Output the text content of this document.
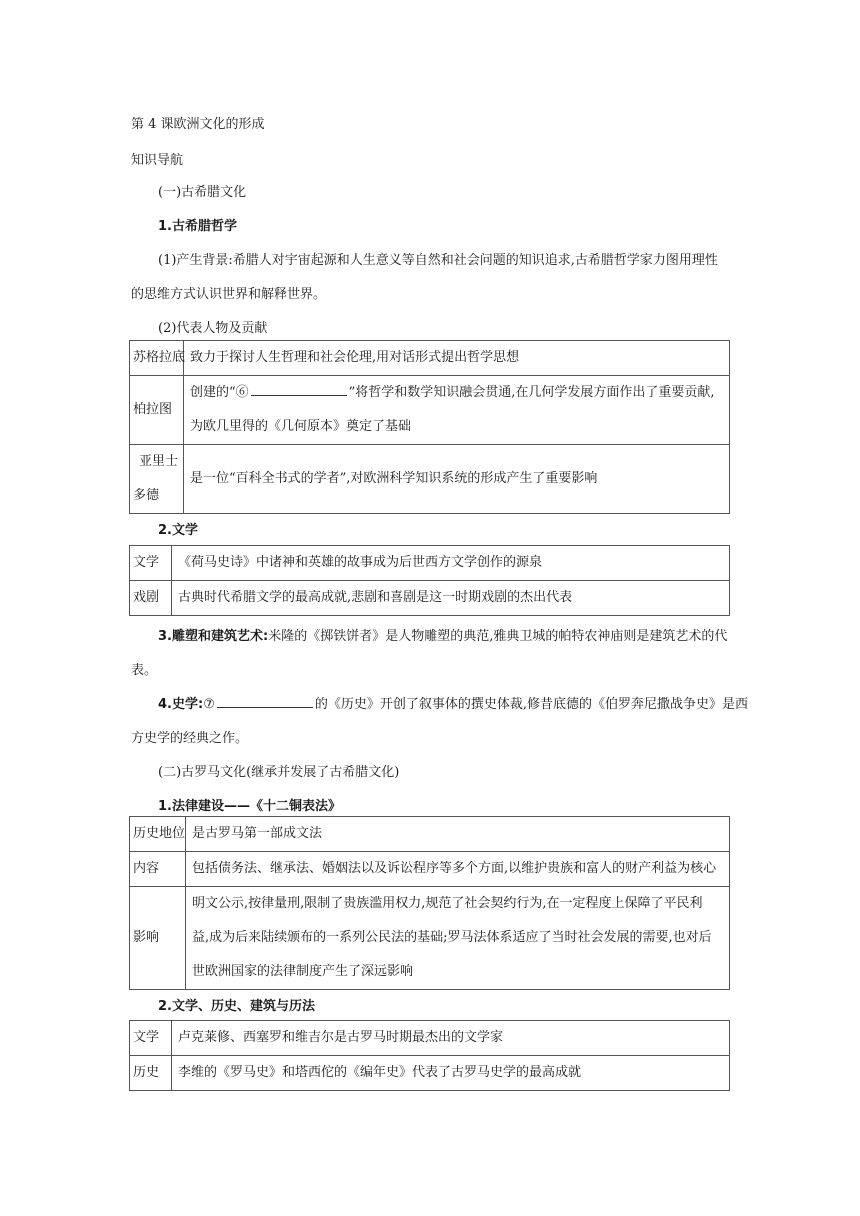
第 4 课欧洲文化的形成
知识导航
(一)古希腊文化
1.古希腊哲学
(1)产生背景:希腊人对宇宙起源和人生意义等自然和社会问题的知识追求,古希腊哲学家力图用理性
的思维方式认识世界和解释世界。
(2)代表人物及贡献
苏格拉底	致力于探讨人生哲理和社会伦理,用对话形式提出哲学思想
柏拉图	创建的“⑥ ”将哲学和数学知识融会贯通,在几何学发展方面作出了重要贡献,
为欧几里得的《几何原本》奠定了基础

亚里士
多德	是一位“百科全书式的学者”,对欧洲科学知识系统的形成产生了重要影响
2.文学
文学	《荷马史诗》中诸神和英雄的故事成为后世西方文学创作的源泉
戏剧	古典时代希腊文学的最高成就,悲剧和喜剧是这一时期戏剧的杰出代表
3.雕塑和建筑艺术:米隆的《掷铁饼者》是人物雕塑的典范,雅典卫城的帕特农神庙则是建筑艺术的代
表。
4.史学:⑦	的《历史》开创了叙事体的撰史体裁,修昔底德的《伯罗奔尼撒战争史》是西
方史学的经典之作。
(二)古罗马文化(继承并发展了古希腊文化)
1.法律建设——《十二铜表法》
历史地位	是古罗马第一部成文法
内容	包括债务法、继承法、婚姻法以及诉讼程序等多个方面,以维护贵族和富人的财产利益为核心
影响	明文公示,按律量刑,限制了贵族滥用权力,规范了社会契约行为,在一定程度上保障了平民利
益,成为后来陆续颁布的一系列公民法的基础;罗马法体系适应了当时社会发展的需要,也对后
世欧洲国家的法律制度产生了深远影响
2.文学、历史、建筑与历法
文学	卢克莱修、西塞罗和维吉尔是古罗马时期最杰出的文学家
历史	李维的《罗马史》和塔西佗的《编年史》代表了古罗马史学的最高成就
